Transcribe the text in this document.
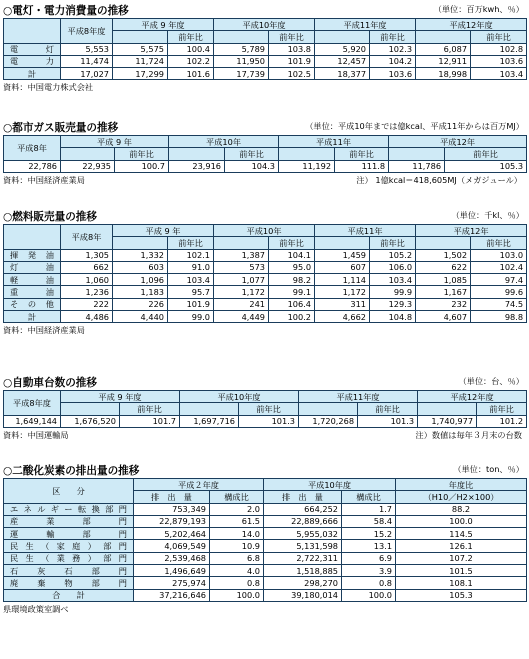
○電灯・電力消費量の推移	（単位：百万kwh、％）
	平成8年度	平成 9 年度		平成10年度		平成11年度		平成12年度	
			前年比		前年比		前年比		前年比
電灯	5,553	5,575	100.4	5,789	103.8	5,920	102.3	6,087	102.8
電力	11,474	11,724	102.2	11,950	101.9	12,457	104.2	12,911	103.6
計	17,027	17,299	101.6	17,739	102.5	18,377	103.6	18,998	103.4
資料：中国電力株式会社
○都市ガス販売量の推移	（単位：平成10年までは億kcal、平成11年からは百万MJ）
平成8年	平成 9 年		平成10年		平成11年		平成12年	
		前年比		前年比		前年比		前年比
22,786	22,935	100.7	23,916	104.3	11,192	111.8	11,786	105.3
資料：中国経済産業局	注） 1億kcal＝418,605MJ（メガジュール）
○燃料販売量の推移	（単位：千kl、％）
	平成8年	平成 9 年		平成10年		平成11年		平成12年	
			前年比		前年比		前年比		前年比
揮発油	1,305	1,332	102.1	1,387	104.1	1,459	105.2	1,502	103.0
灯油	662	603	91.0	573	95.0	607	106.0	622	102.4
軽油	1,060	1,096	103.4	1,077	98.2	1,114	103.4	1,085	97.4
重油	1,236	1,183	95.7	1,172	99.1	1,172	99.9	1,167	99.6
その他	222	226	101.9	241	106.4	311	129.3	232	74.5
計	4,486	4,440	99.0	4,449	100.2	4,662	104.8	4,607	98.8
資料：中国経済産業局
○自動車台数の推移	（単位：台、％）
平成8年度	平成 9 年度		平成10年度		平成11年度		平成12年度	
		前年比		前年比		前年比		前年比
1,649,144	1,676,520	101.7	1,697,716	101.3	1,720,268	101.3	1,740,977	101.2
資料：中国運輸局	注）数値は毎年３月末の台数
○二酸化炭素の排出量の推移	（単位：ton、％）
区　　分	平成２年度		平成10年度		年度比
	排　出　量	構成比	排　出　量	構成比	（H10／H2×100）
エネルギー転換部門	753,349	2.0	664,252	1.7	88.2
産業部門	22,879,193	61.5	22,889,666	58.4	100.0
運輸部門	5,202,464	14.0	5,955,032	15.2	114.5
民生（家庭）部門	4,069,549	10.9	5,131,598	13.1	126.1
民生（業務）部門	2,539,468	6.8	2,722,311	6.9	107.2
石灰石部門	1,496,649	4.0	1,518,885	3.9	101.5
廃棄物部門	275,974	0.8	298,270	0.8	108.1
合　　計	37,216,646	100.0	39,180,014	100.0	105.3
県環境政策室調べ
